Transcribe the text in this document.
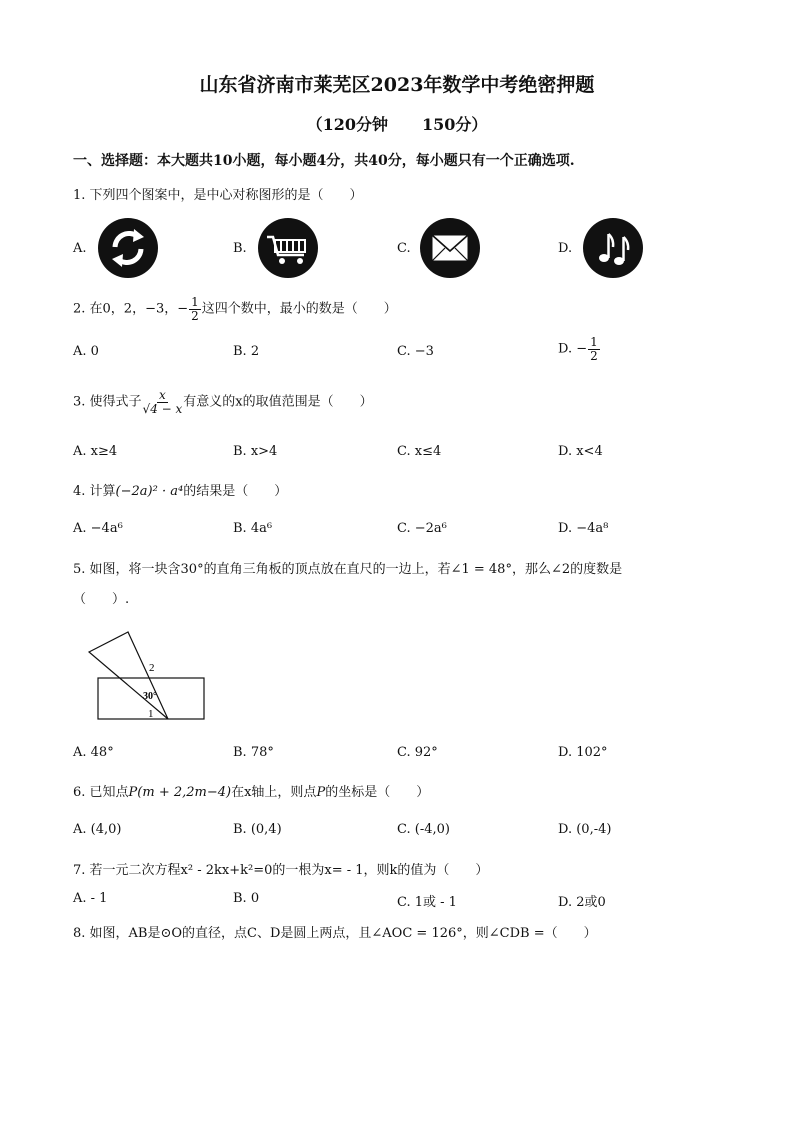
山东省济南市莱芜区2023年数学中考绝密押题
（120分钟 150分）
一、选择题：本大题共10小题，每小题4分，共40分，每小题只有一个正确选项.
1. 下列四个图案中，是中心对称图形的是（　　）
A.	B.	C.	D.
2. 在0，2，−3，− $\frac{1}{2}$ 这四个数中，最小的数是（　　）
A. 0	B. 2	C. −3	D. − $\frac{1}{2}$
3. 使得式子 $\frac{x}{√4 - x}$ 有意义的x的取值范围是（　　）
A. x≥4	B. x>4	C. x≤4	D. x<4
4. 计算(−2a)² · a⁴的结果是（　　）
A. −4a⁶	B. 4a⁶	C. −2a⁶	D. −4a⁸
5. 如图，将一块含30°的直角三角板的顶点放在直尺的一边上，若∠1 = 48°，那么∠2的度数是
（　　）.
2
30°
1
A. 48°	B. 78°	C. 92°	D. 102°
6. 已知点P(m + 2,2m−4)在x轴上，则点P的坐标是（　　）
A. (4,0)	B. (0,4)	C. (-4,0)	D. (0,-4)
7. 若一元二次方程x² - 2kx+k²=0的一根为x= - 1，则k的值为（　　）
A. - 1	B. 0	C. 1或 - 1	D. 2或0
8. 如图，AB是⊙O的直径，点C、D是圆上两点，且∠AOC = 126°，则∠CDB =（　　）
